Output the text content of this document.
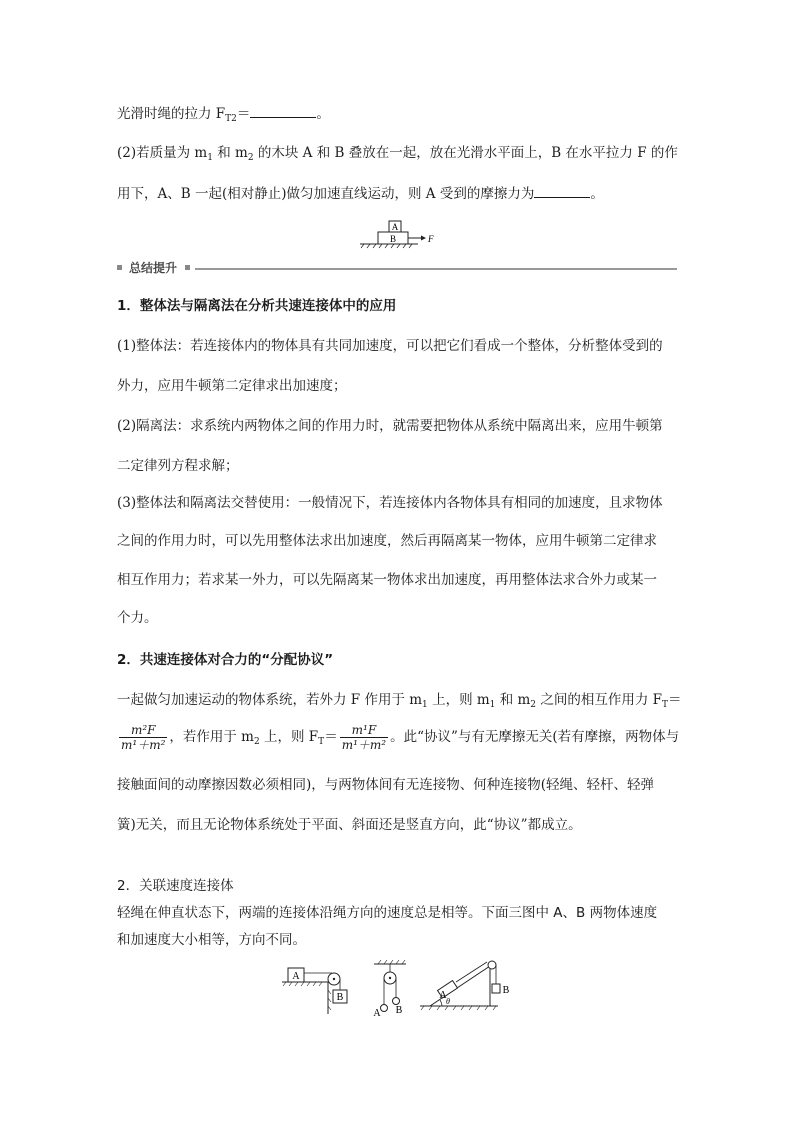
光滑时绳的拉力 $F_{T2}=$	。
(2)若质量为 $m_1$ 和 $m_2$ 的木块 A 和 B 叠放在一起，放在光滑水平面上，B 在水平拉力 F 的作
用下，A、B 一起(相对静止)做匀加速直线运动，则 A 受到的摩擦力为	。
A
B	F
总结提升
1．整体法与隔离法在分析共速连接体中的应用
(1)整体法：若连接体内的物体具有共同加速度，可以把它们看成一个整体，分析整体受到的
外力，应用牛顿第二定律求出加速度；
(2)隔离法：求系统内两物体之间的作用力时，就需要把物体从系统中隔离出来，应用牛顿第
二定律列方程求解；
(3)整体法和隔离法交替使用：一般情况下，若连接体内各物体具有相同的加速度，且求物体
之间的作用力时，可以先用整体法求出加速度，然后再隔离某一物体，应用牛顿第二定律求
相互作用力；若求某一外力，可以先隔离某一物体求出加速度，再用整体法求合外力或某一
个力。
2．共速连接体对合力的“分配协议”
一起做匀加速运动的物体系统，若外力 F 作用于 $m_1$ 上，则 $m_1$ 和 $m_2$ 之间的相互作用力 $F_T=$
$\frac{\text{m²F}}{\text{m¹＋m²}}$ ，若作用于 $m_2$ 上，则 $F_T= \frac{\text{m¹F}}{\text{m¹＋m²}}$ 。此“协议”与有无摩擦无关(若有摩擦，两物体与
接触面间的动摩擦因数必须相同)，与两物体间有无连接物、何种连接物(轻绳、轻杆、轻弹
簧)无关，而且无论物体系统处于平面、斜面还是竖直方向，此“协议”都成立。
2．关联速度连接体
轻绳在伸直状态下，两端的连接体沿绳方向的速度总是相等。下面三图中 A、B 两物体速度
和加速度大小相等，方向不同。
A
B
A B
A	B
θ
